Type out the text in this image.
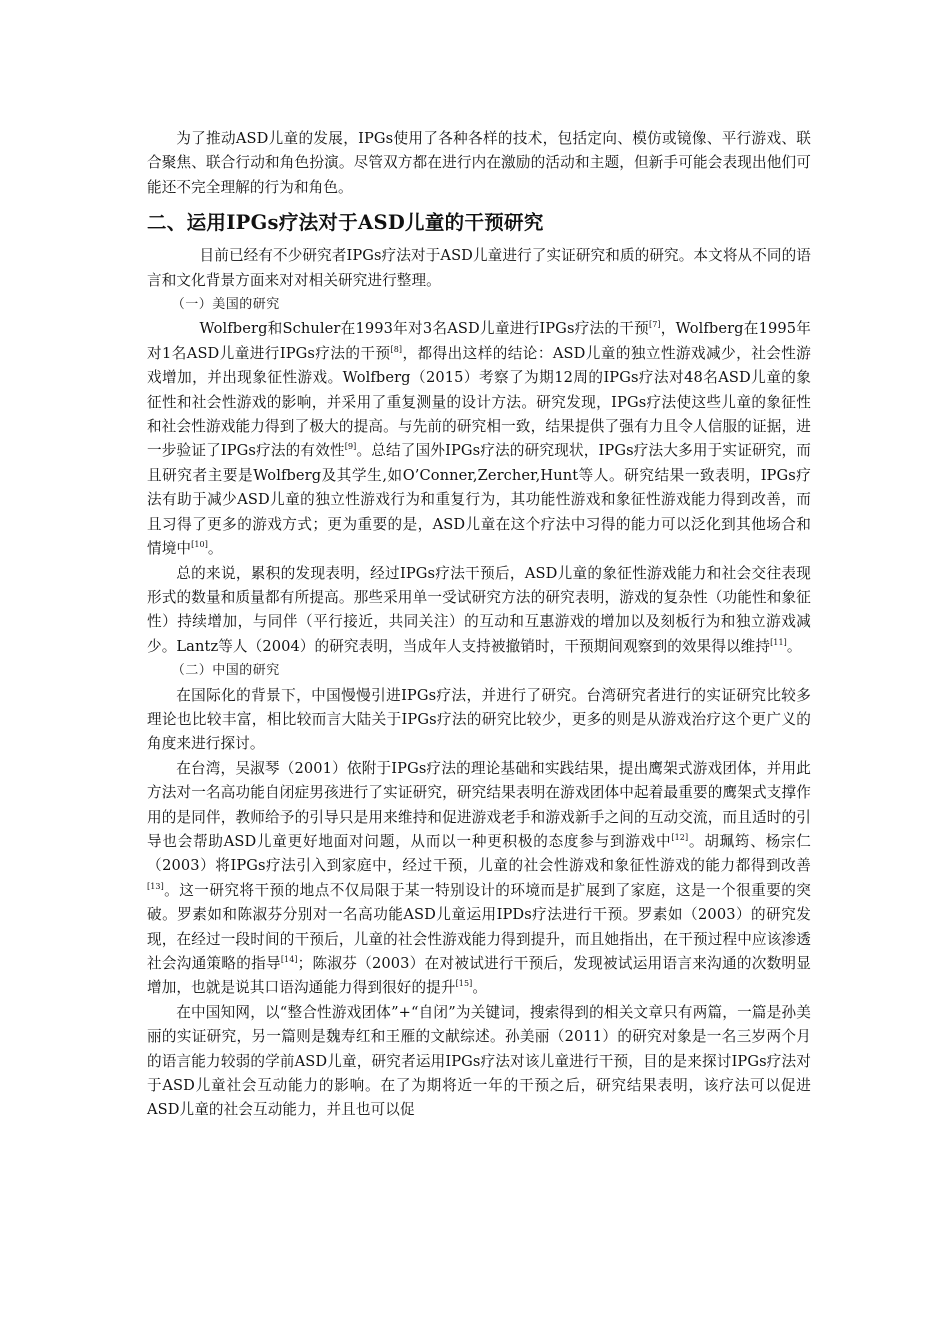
为了推动ASD儿童的发展，IPGs使用了各种各样的技术，包括定向、模仿或镜像、平行游戏、联合聚焦、联合行动和角色扮演。尽管双方都在进行内在激励的活动和主题，但新手可能会表现出他们可能还不完全理解的行为和角色。

二、运用IPGs疗法对于ASD儿童的干预研究

目前已经有不少研究者IPGs疗法对于ASD儿童进行了实证研究和质的研究。本文将从不同的语言和文化背景方面来对对相关研究进行整理。

（一）美国的研究

Wolfberg和Schuler在1993年对3名ASD儿童进行IPGs疗法的干预[7]，Wolfberg在1995年对1名ASD儿童进行IPGs疗法的干预[8]，都得出这样的结论：ASD儿童的独立性游戏减少，社会性游戏增加，并出现象征性游戏。Wolfberg（2015）考察了为期12周的IPGs疗法对48名ASD儿童的象征性和社会性游戏的影响，并采用了重复测量的设计方法。研究发现，IPGs疗法使这些儿童的象征性和社会性游戏能力得到了极大的提高。与先前的研究相一致，结果提供了强有力且令人信服的证据，进一步验证了IPGs疗法的有效性[9]。总结了国外IPGs疗法的研究现状，IPGs疗法大多用于实证研究，而且研究者主要是Wolfberg及其学生,如O’Conner,Zercher,Hunt等人。研究结果一致表明，IPGs疗法有助于减少ASD儿童的独立性游戏行为和重复行为，其功能性游戏和象征性游戏能力得到改善，而且习得了更多的游戏方式；更为重要的是，ASD儿童在这个疗法中习得的能力可以泛化到其他场合和情境中[10]。

总的来说，累积的发现表明，经过IPGs疗法干预后，ASD儿童的象征性游戏能力和社会交往表现形式的数量和质量都有所提高。那些采用单一受试研究方法的研究表明，游戏的复杂性（功能性和象征性）持续增加，与同伴（平行接近，共同关注）的互动和互惠游戏的增加以及刻板行为和独立游戏减少。Lantz等人（2004）的研究表明，当成年人支持被撤销时，干预期间观察到的效果得以维持[11]。

（二）中国的研究

在国际化的背景下，中国慢慢引进IPGs疗法，并进行了研究。台湾研究者进行的实证研究比较多理论也比较丰富，相比较而言大陆关于IPGs疗法的研究比较少，更多的则是从游戏治疗这个更广义的角度来进行探讨。

在台湾，吴淑琴（2001）依附于IPGs疗法的理论基础和实践结果，提出鹰架式游戏团体，并用此方法对一名高功能自闭症男孩进行了实证研究，研究结果表明在游戏团体中起着最重要的鹰架式支撑作用的是同伴，教师给予的引导只是用来维持和促进游戏老手和游戏新手之间的互动交流，而且适时的引导也会帮助ASD儿童更好地面对问题，从而以一种更积极的态度参与到游戏中[12]。胡珮筠、杨宗仁（2003）将IPGs疗法引入到家庭中，经过干预，儿童的社会性游戏和象征性游戏的能力都得到改善[13]。这一研究将干预的地点不仅局限于某一特别设计的环境而是扩展到了家庭，这是一个很重要的突破。罗素如和陈淑芬分别对一名高功能ASD儿童运用IPDs疗法进行干预。罗素如（2003）的研究发现，在经过一段时间的干预后，儿童的社会性游戏能力得到提升，而且她指出，在干预过程中应该渗透社会沟通策略的指导[14]；陈淑芬（2003）在对被试进行干预后，发现被试运用语言来沟通的次数明显增加，也就是说其口语沟通能力得到很好的提升[15]。

在中国知网，以“整合性游戏团体”+“自闭”为关键词，搜索得到的相关文章只有两篇，一篇是孙美丽的实证研究，另一篇则是魏寿红和王雁的文献综述。孙美丽（2011）的研究对象是一名三岁两个月的语言能力较弱的学前ASD儿童，研究者运用IPGs疗法对该儿童进行干预，目的是来探讨IPGs疗法对于ASD儿童社会互动能力的影响。在了为期将近一年的干预之后，研究结果表明，该疗法可以促进ASD儿童的社会互动能力，并且也可以促
